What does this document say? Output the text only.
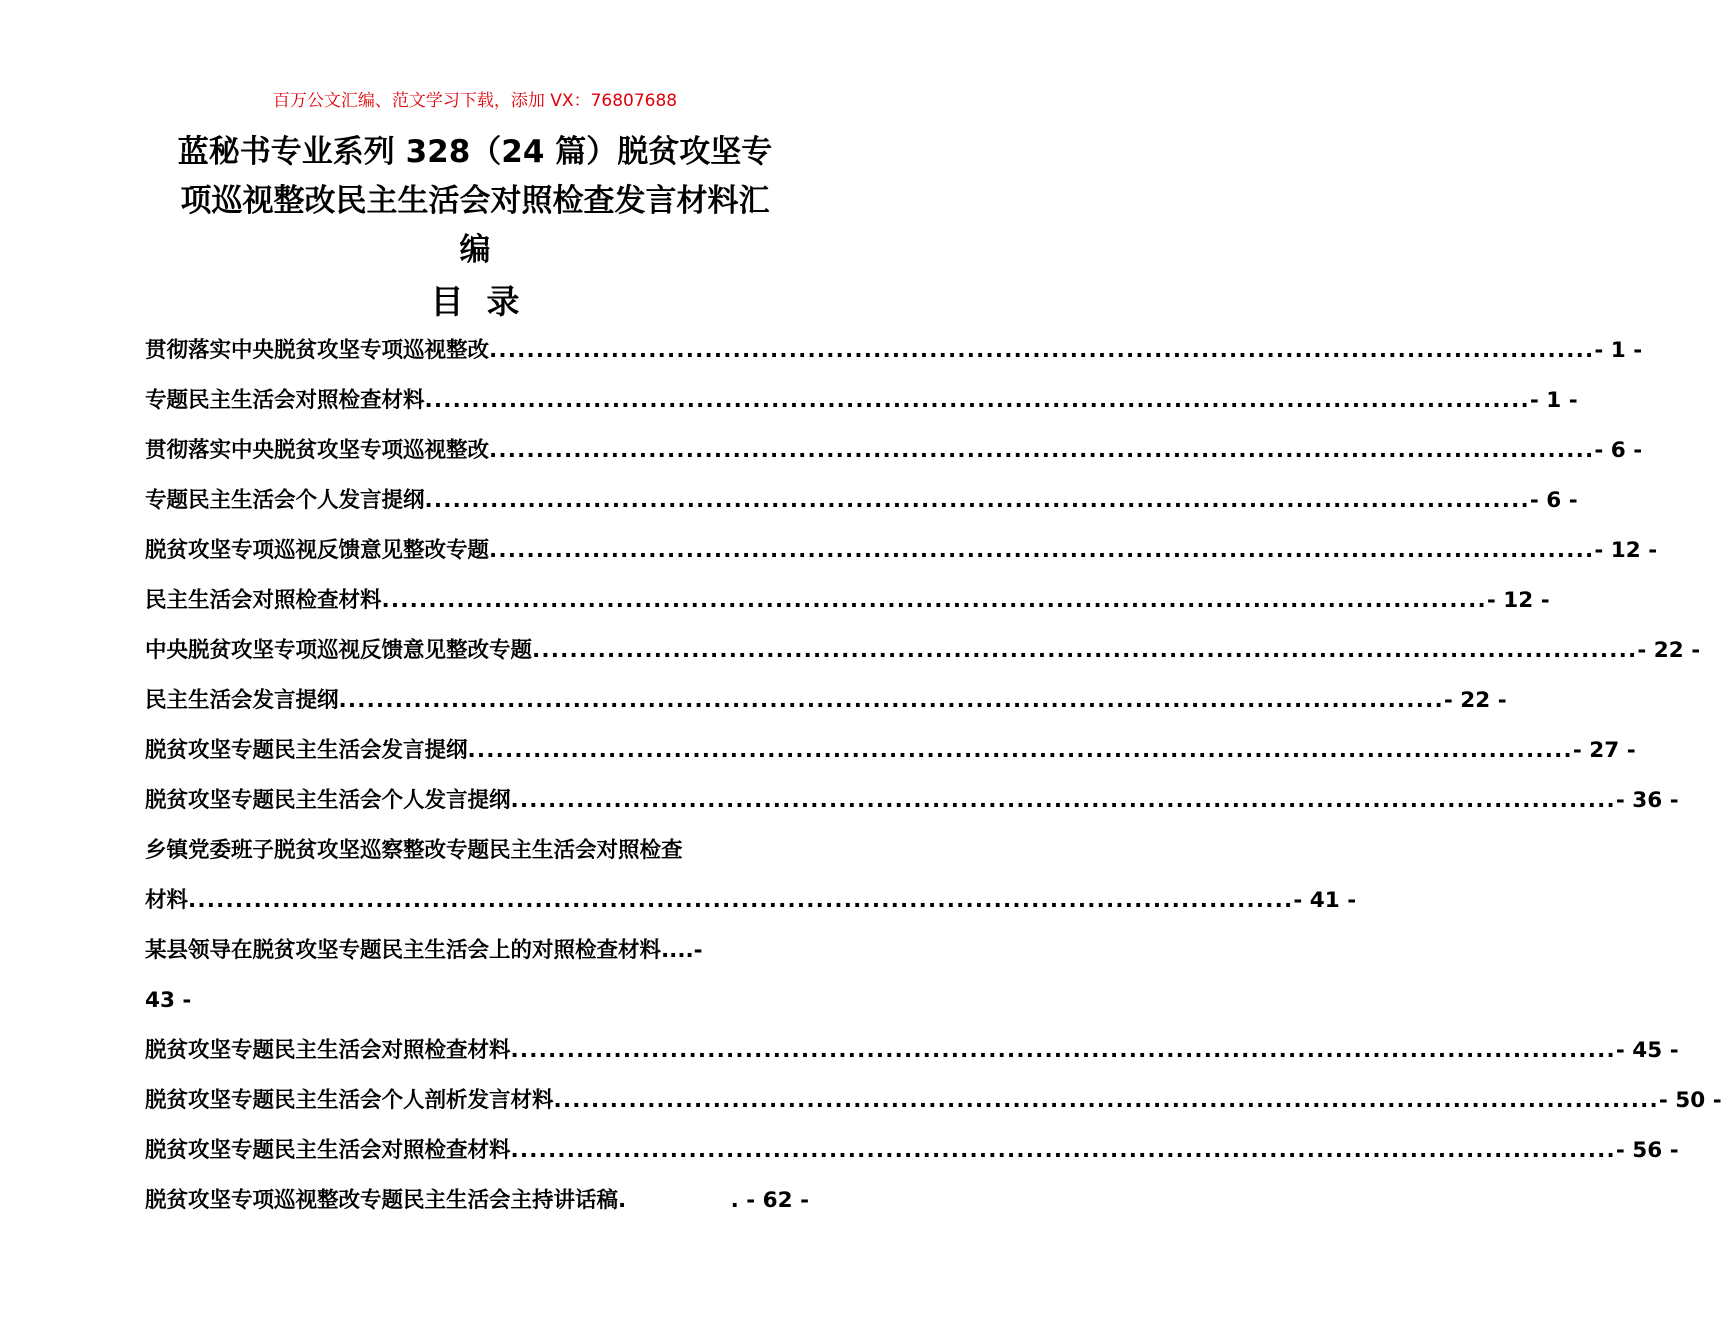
百万公文汇编、范文学习下载，添加 VX：76807688
蓝秘书专业系列 328（24 篇）脱贫攻坚专
项巡视整改民主生活会对照检查发言材料汇
编
目  录
贯彻落实中央脱贫攻坚专项巡视整改 ...................................................................................................................... - 1 -
专题民主生活会对照检查材料 ...................................................................................................................... - 1 -
贯彻落实中央脱贫攻坚专项巡视整改 ...................................................................................................................... - 6 -
专题民主生活会个人发言提纲 ...................................................................................................................... - 6 -
脱贫攻坚专项巡视反馈意见整改专题 ...................................................................................................................... - 12 -
民主生活会对照检查材料 ...................................................................................................................... - 12 -
中央脱贫攻坚专项巡视反馈意见整改专题 ...................................................................................................................... - 22 -
民主生活会发言提纲 ...................................................................................................................... - 22 -
脱贫攻坚专题民主生活会发言提纲 ...................................................................................................................... - 27 -
脱贫攻坚专题民主生活会个人发言提纲 ...................................................................................................................... - 36 -
乡镇党委班子脱贫攻坚巡察整改专题民主生活会对照检查
材料 ...................................................................................................................... - 41 -
某县领导在脱贫攻坚专题民主生活会上的对照检查材料....-
43 -
脱贫攻坚专题民主生活会对照检查材料 ...................................................................................................................... - 45 -
脱贫攻坚专题民主生活会个人剖析发言材料 ...................................................................................................................... - 50 -
脱贫攻坚专题民主生活会对照检查材料 ...................................................................................................................... - 56 -
脱贫攻坚专项巡视整改专题民主生活会主持讲话稿.	. - 62 -
